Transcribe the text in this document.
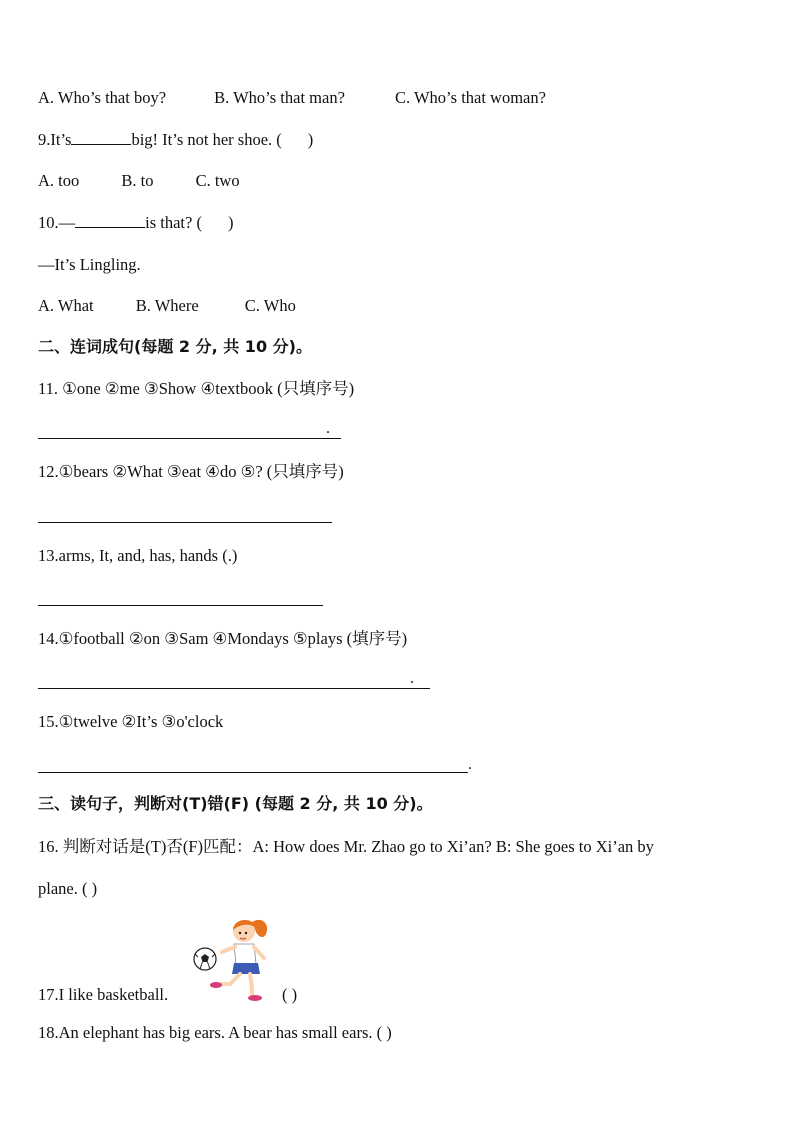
A. Who’s that boy?	B. Who’s that man?	C. Who’s that woman?
9.It’s	big! It’s not her shoe. ( )
A. too	B. to	C. two
10.—	is that? ( )
—It’s Lingling.
A. What	B. Where	C. Who
二、连词成句(每题 2 分, 共 10 分)。
11. ①one ②me ③Show ④textbook (只填序号)
.
12.①bears ②What ③eat ④do ⑤? (只填序号)
13.arms, It, and, has, hands (.)
14.①football ②on ③Sam ④Mondays ⑤plays (填序号)
.
15.①twelve ②It’s ③o'clock
.
三、读句子，判断对(T)错(F) (每题 2 分, 共 10 分)。
16. 判断对话是(T)否(F)匹配：A: How does Mr. Zhao go to Xi’an? B: She goes to Xi’an by
plane. ( )
17.I like basketball.	( )
18.An elephant has big ears. A bear has small ears. ( )
